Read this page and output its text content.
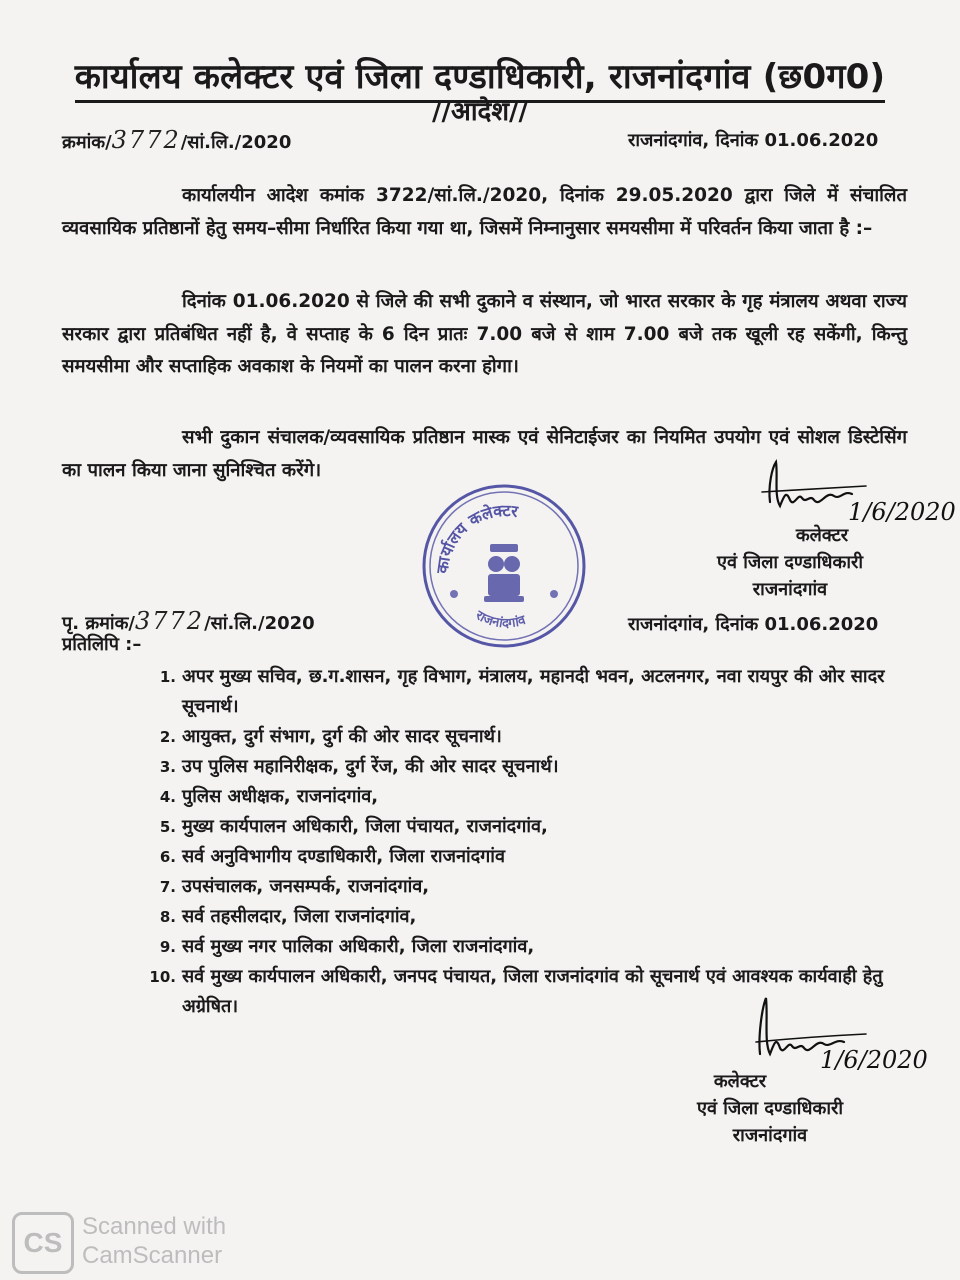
कार्यालय कलेक्टर एवं जिला दण्डाधिकारी, राजनांदगांव (छ0ग0)
//आदेश//
क्रमांक/3772/सां.लि./2020	राजनांदगांव, दिनांक 01.06.2020
कार्यालयीन आदेश कमांक 3722/सां.लि./2020, दिनांक 29.05.2020 द्वारा जिले में संचालित व्यवसायिक प्रतिष्ठानों हेतु समय–सीमा निर्धारित किया गया था, जिसमें निम्नानुसार समयसीमा में परिवर्तन किया जाता है :–
दिनांक 01.06.2020 से जिले की सभी दुकाने व संस्थान, जो भारत सरकार के गृह मंत्रालय अथवा राज्य सरकार द्वारा प्रतिबंधित नहीं है, वे सप्ताह के 6 दिन प्रातः 7.00 बजे से शाम 7.00 बजे तक खूली रह सकेंगी, किन्तु समयसीमा और सप्ताहिक अवकाश के नियमों का पालन करना होगा।
सभी दुकान संचालक/व्यवसायिक प्रतिष्ठान मास्क एवं सेनिटाईजर का नियमित उपयोग एवं सोशल डिस्टेसिंग का पालन किया जाना सुनिश्चित करेंगे।
कार्यालय कलेक्टर
राजनांदगांव
1/6/2020
कलेक्टर
एवं जिला दण्डाधिकारी
राजनांदगांव
पृ. क्रमांक/3772/सां.लि./2020	राजनांदगांव, दिनांक 01.06.2020
प्रतिलिपि :–
1. अपर मुख्य सचिव, छ.ग.शासन, गृह विभाग, मंत्रालय, महानदी भवन, अटलनगर, नवा रायपुर की ओर सादर सूचनार्थ।
2. आयुक्त, दुर्ग संभाग, दुर्ग की ओर सादर सूचनार्थ।
3. उप पुलिस महानिरीक्षक, दुर्ग रेंज, की ओर सादर सूचनार्थ।
4. पुलिस अधीक्षक, राजनांदगांव,
5. मुख्य कार्यपालन अधिकारी, जिला पंचायत, राजनांदगांव,
6. सर्व अनुविभागीय दण्डाधिकारी, जिला राजनांदगांव
7. उपसंचालक, जनसम्पर्क, राजनांदगांव,
8. सर्व तहसीलदार, जिला राजनांदगांव,
9. सर्व मुख्य नगर पालिका अधिकारी, जिला राजनांदगांव,
10. सर्व मुख्य कार्यपालन अधिकारी, जनपद पंचायत, जिला राजनांदगांव को सूचनार्थ एवं आवश्यक कार्यवाही हेतु अग्रेषित।
1/6/2020
कलेक्टर
एवं जिला दण्डाधिकारी
राजनांदगांव
CS
Scanned with
CamScanner
